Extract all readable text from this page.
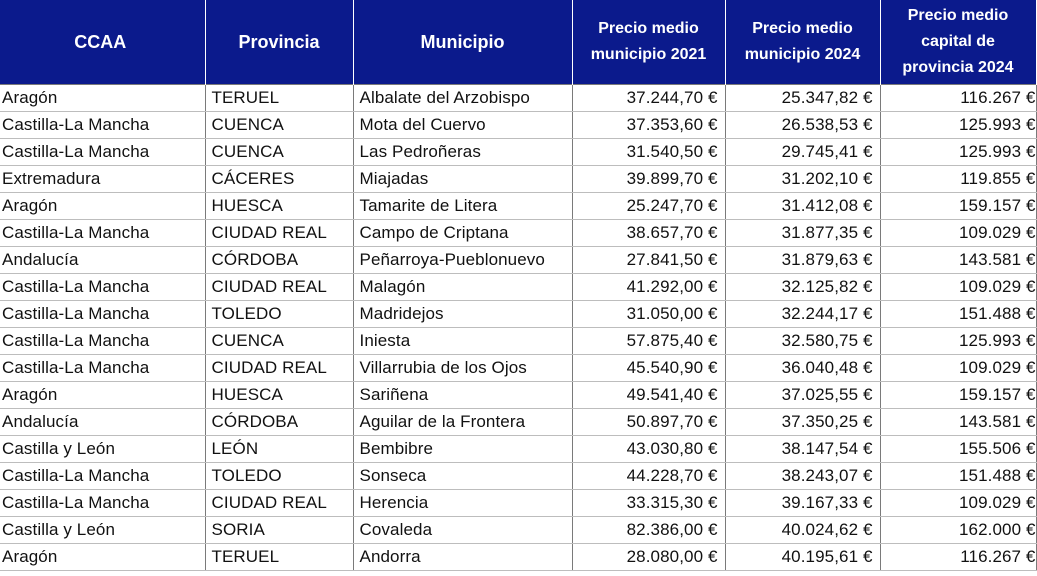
CCAA	Provincia	Municipio	Precio medio municipio 2021	Precio medio municipio 2024	Precio medio capital de provincia 2024
Aragón	TERUEL	Albalate del Arzobispo	37.244,70 €	25.347,82 €	116.267 €
Castilla-La Mancha	CUENCA	Mota del Cuervo	37.353,60 €	26.538,53 €	125.993 €
Castilla-La Mancha	CUENCA	Las Pedroñeras	31.540,50 €	29.745,41 €	125.993 €
Extremadura	CÁCERES	Miajadas	39.899,70 €	31.202,10 €	119.855 €
Aragón	HUESCA	Tamarite de Litera	25.247,70 €	31.412,08 €	159.157 €
Castilla-La Mancha	CIUDAD REAL	Campo de Criptana	38.657,70 €	31.877,35 €	109.029 €
Andalucía	CÓRDOBA	Peñarroya-Pueblonuevo	27.841,50 €	31.879,63 €	143.581 €
Castilla-La Mancha	CIUDAD REAL	Malagón	41.292,00 €	32.125,82 €	109.029 €
Castilla-La Mancha	TOLEDO	Madridejos	31.050,00 €	32.244,17 €	151.488 €
Castilla-La Mancha	CUENCA	Iniesta	57.875,40 €	32.580,75 €	125.993 €
Castilla-La Mancha	CIUDAD REAL	Villarrubia de los Ojos	45.540,90 €	36.040,48 €	109.029 €
Aragón	HUESCA	Sariñena	49.541,40 €	37.025,55 €	159.157 €
Andalucía	CÓRDOBA	Aguilar de la Frontera	50.897,70 €	37.350,25 €	143.581 €
Castilla y León	LEÓN	Bembibre	43.030,80 €	38.147,54 €	155.506 €
Castilla-La Mancha	TOLEDO	Sonseca	44.228,70 €	38.243,07 €	151.488 €
Castilla-La Mancha	CIUDAD REAL	Herencia	33.315,30 €	39.167,33 €	109.029 €
Castilla y León	SORIA	Covaleda	82.386,00 €	40.024,62 €	162.000 €
Aragón	TERUEL	Andorra	28.080,00 €	40.195,61 €	116.267 €
